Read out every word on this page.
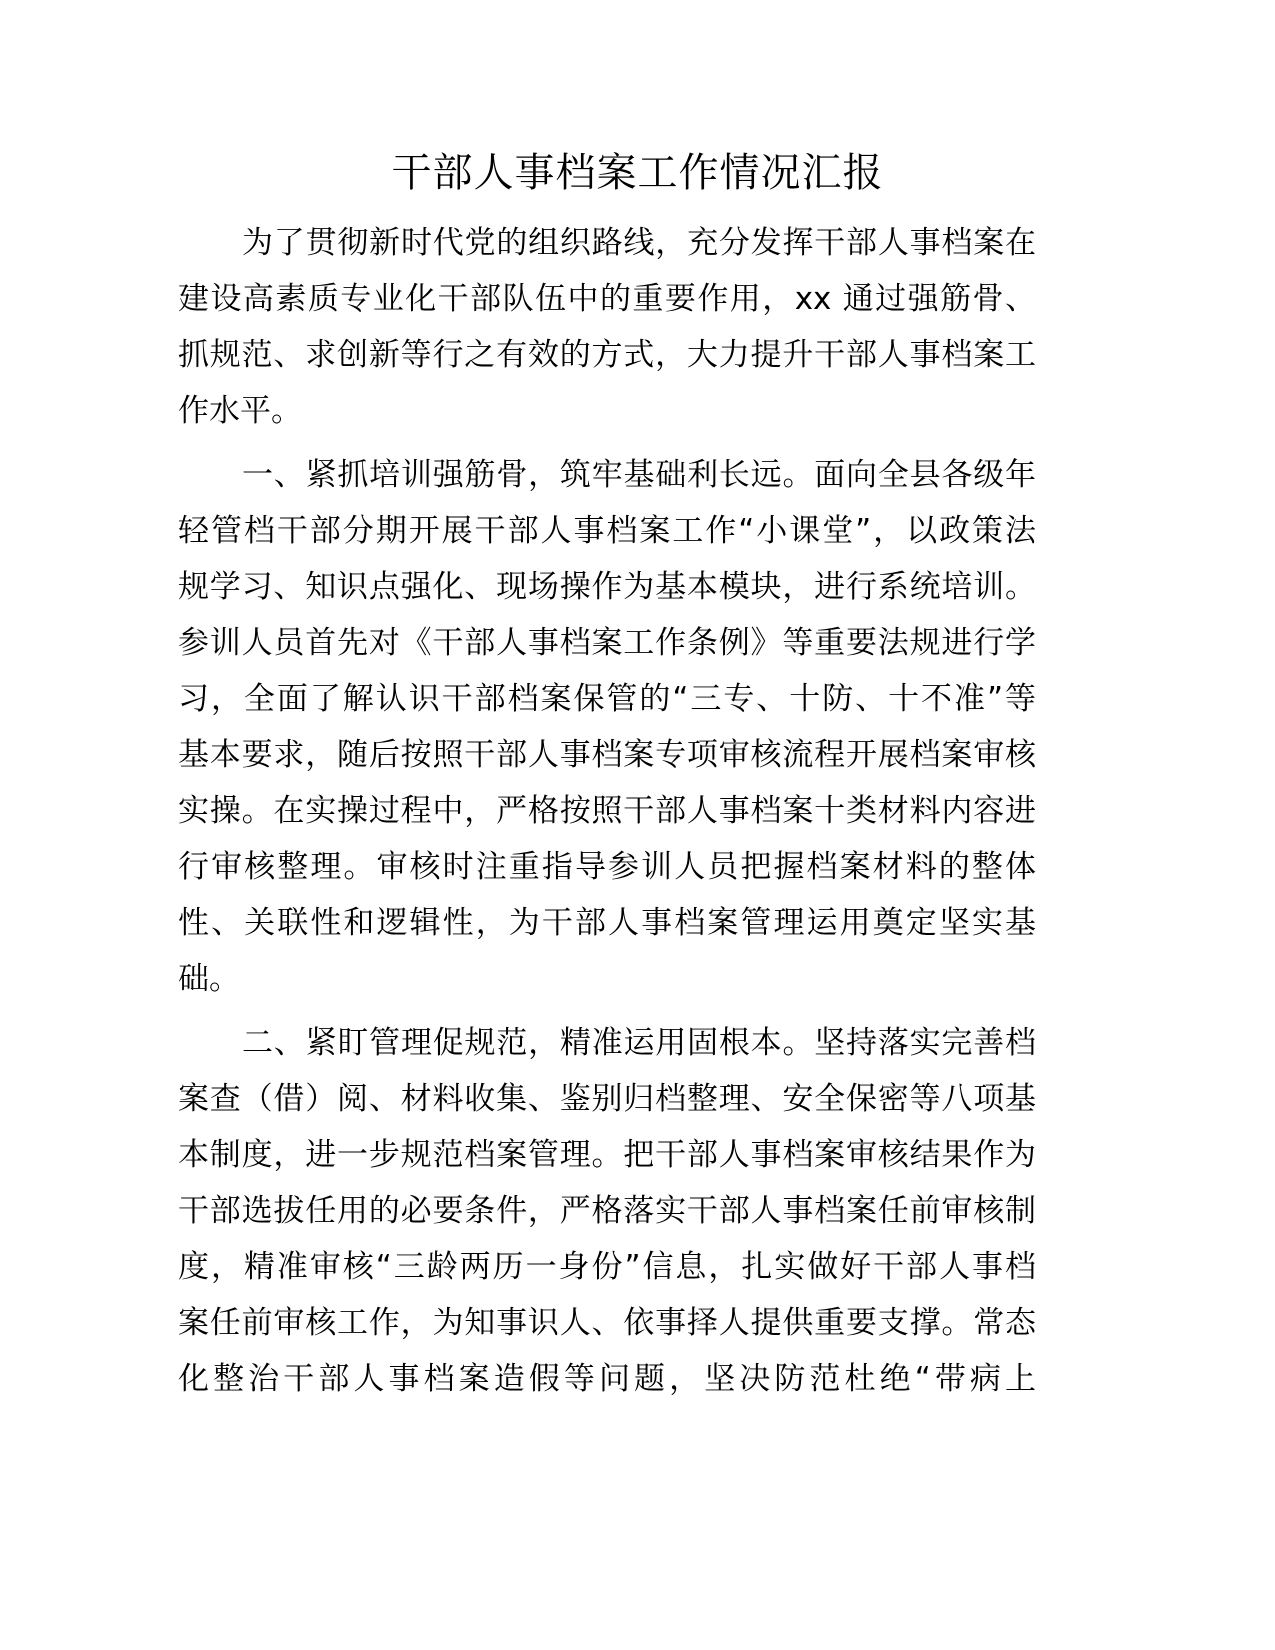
干部人事档案工作情况汇报
为了贯彻新时代党的组织路线，充分发挥干部人事档案在
建设高素质专业化干部队伍中的重要作用，xx 通过强筋骨、
抓规范、求创新等行之有效的方式，大力提升干部人事档案工
作水平。
一、紧抓培训强筋骨，筑牢基础利长远。面向全县各级年
轻管档干部分期开展干部人事档案工作“小课堂”，以政策法
规学习、知识点强化、现场操作为基本模块，进行系统培训。
参训人员首先对《干部人事档案工作条例》等重要法规进行学
习，全面了解认识干部档案保管的“三专、十防、十不准”等
基本要求，随后按照干部人事档案专项审核流程开展档案审核
实操。在实操过程中，严格按照干部人事档案十类材料内容进
行审核整理。审核时注重指导参训人员把握档案材料的整体
性、关联性和逻辑性，为干部人事档案管理运用奠定坚实基
础。
二、紧盯管理促规范，精准运用固根本。坚持落实完善档
案查（借）阅、材料收集、鉴别归档整理、安全保密等八项基
本制度，进一步规范档案管理。把干部人事档案审核结果作为
干部选拔任用的必要条件，严格落实干部人事档案任前审核制
度，精准审核“三龄两历一身份”信息，扎实做好干部人事档
案任前审核工作，为知事识人、依事择人提供重要支撑。常态
化整治干部人事档案造假等问题，坚决防范杜绝“带病上
